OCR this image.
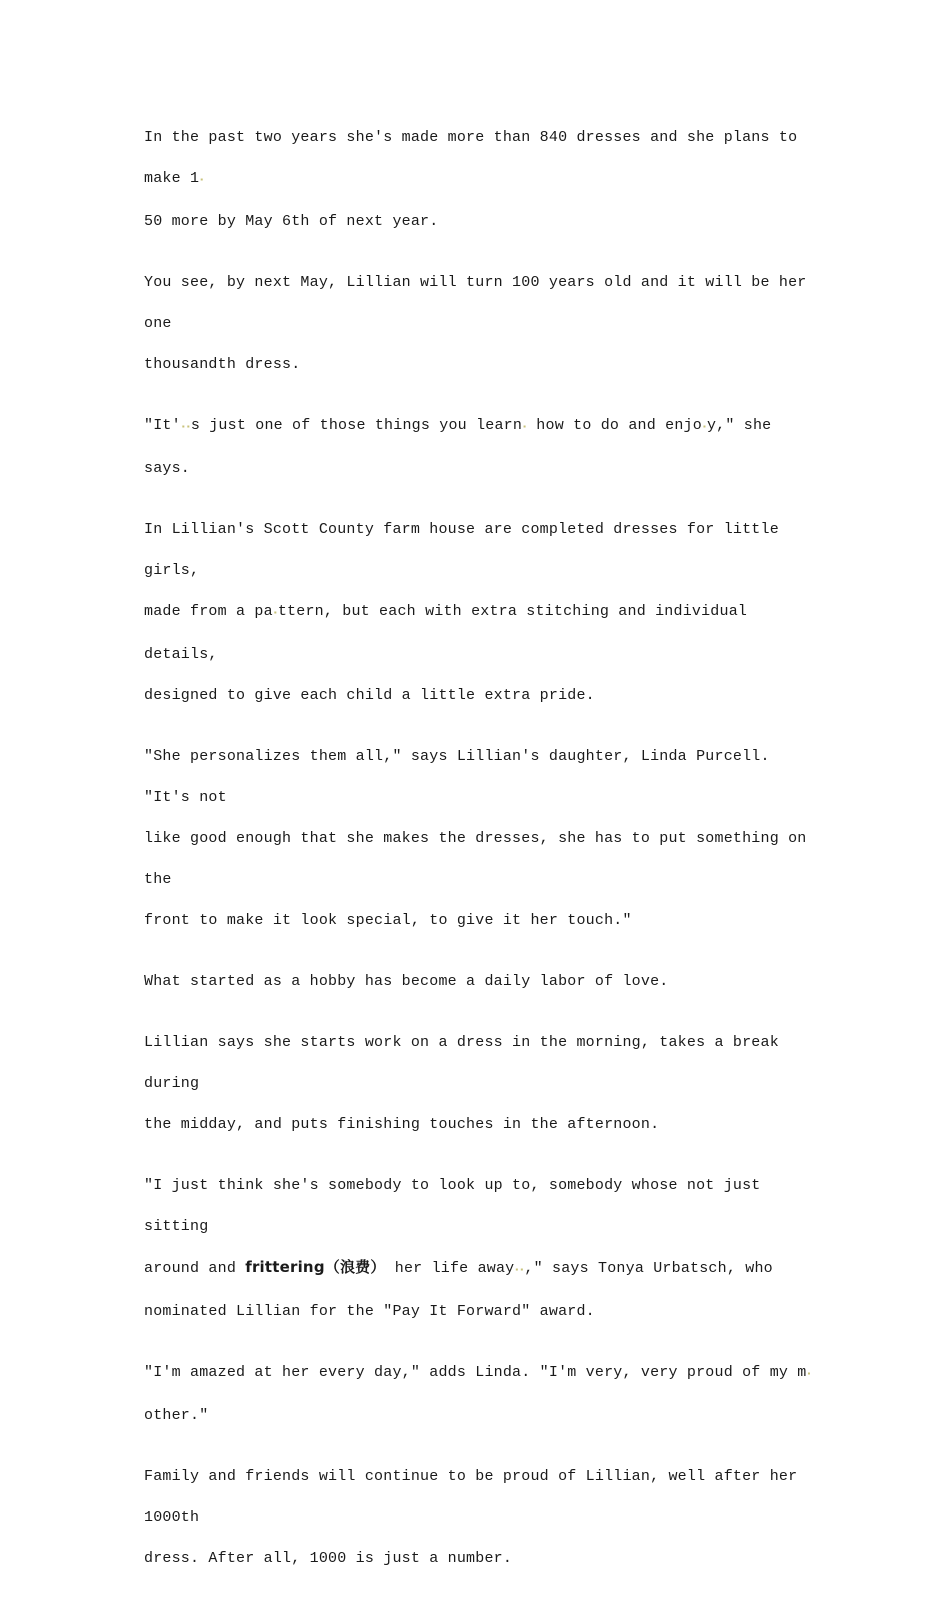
In the past two years she's made more than 840 dresses and she plans to make 1▪
50 more by May 6th of next year.
You see, by next May, Lillian will turn 100 years old and it will be her one
thousandth dress.
"It'▪▪s just one of those things you learn▪ how to do and enjo▪y," she says.
In Lillian's Scott County farm house are completed dresses for little girls,
made from a pa▪ttern, but each with extra stitching and individual details,
designed to give each child a little extra pride.
"She personalizes them all," says Lillian's daughter, Linda Purcell. "It's not
like good enough that she makes the dresses, she has to put something on the
front to make it look special, to give it her touch."
What started as a hobby has become a daily labor of love.
Lillian says she starts work on a dress in the morning, takes a break during
the midday, and puts finishing touches in the afternoon.
"I just think she's somebody to look up to, somebody whose not just sitting
around and frittering（浪费） her life away▪▪," says Tonya Urbatsch, who
nominated Lillian for the "Pay It Forward" award.
"I'm amazed at her every day," adds Linda. "I'm very, very proud of my m▪
other."
Family and friends will continue to be proud of Lillian, well after her 1000th
dress. After all, 1000 is just a number.
